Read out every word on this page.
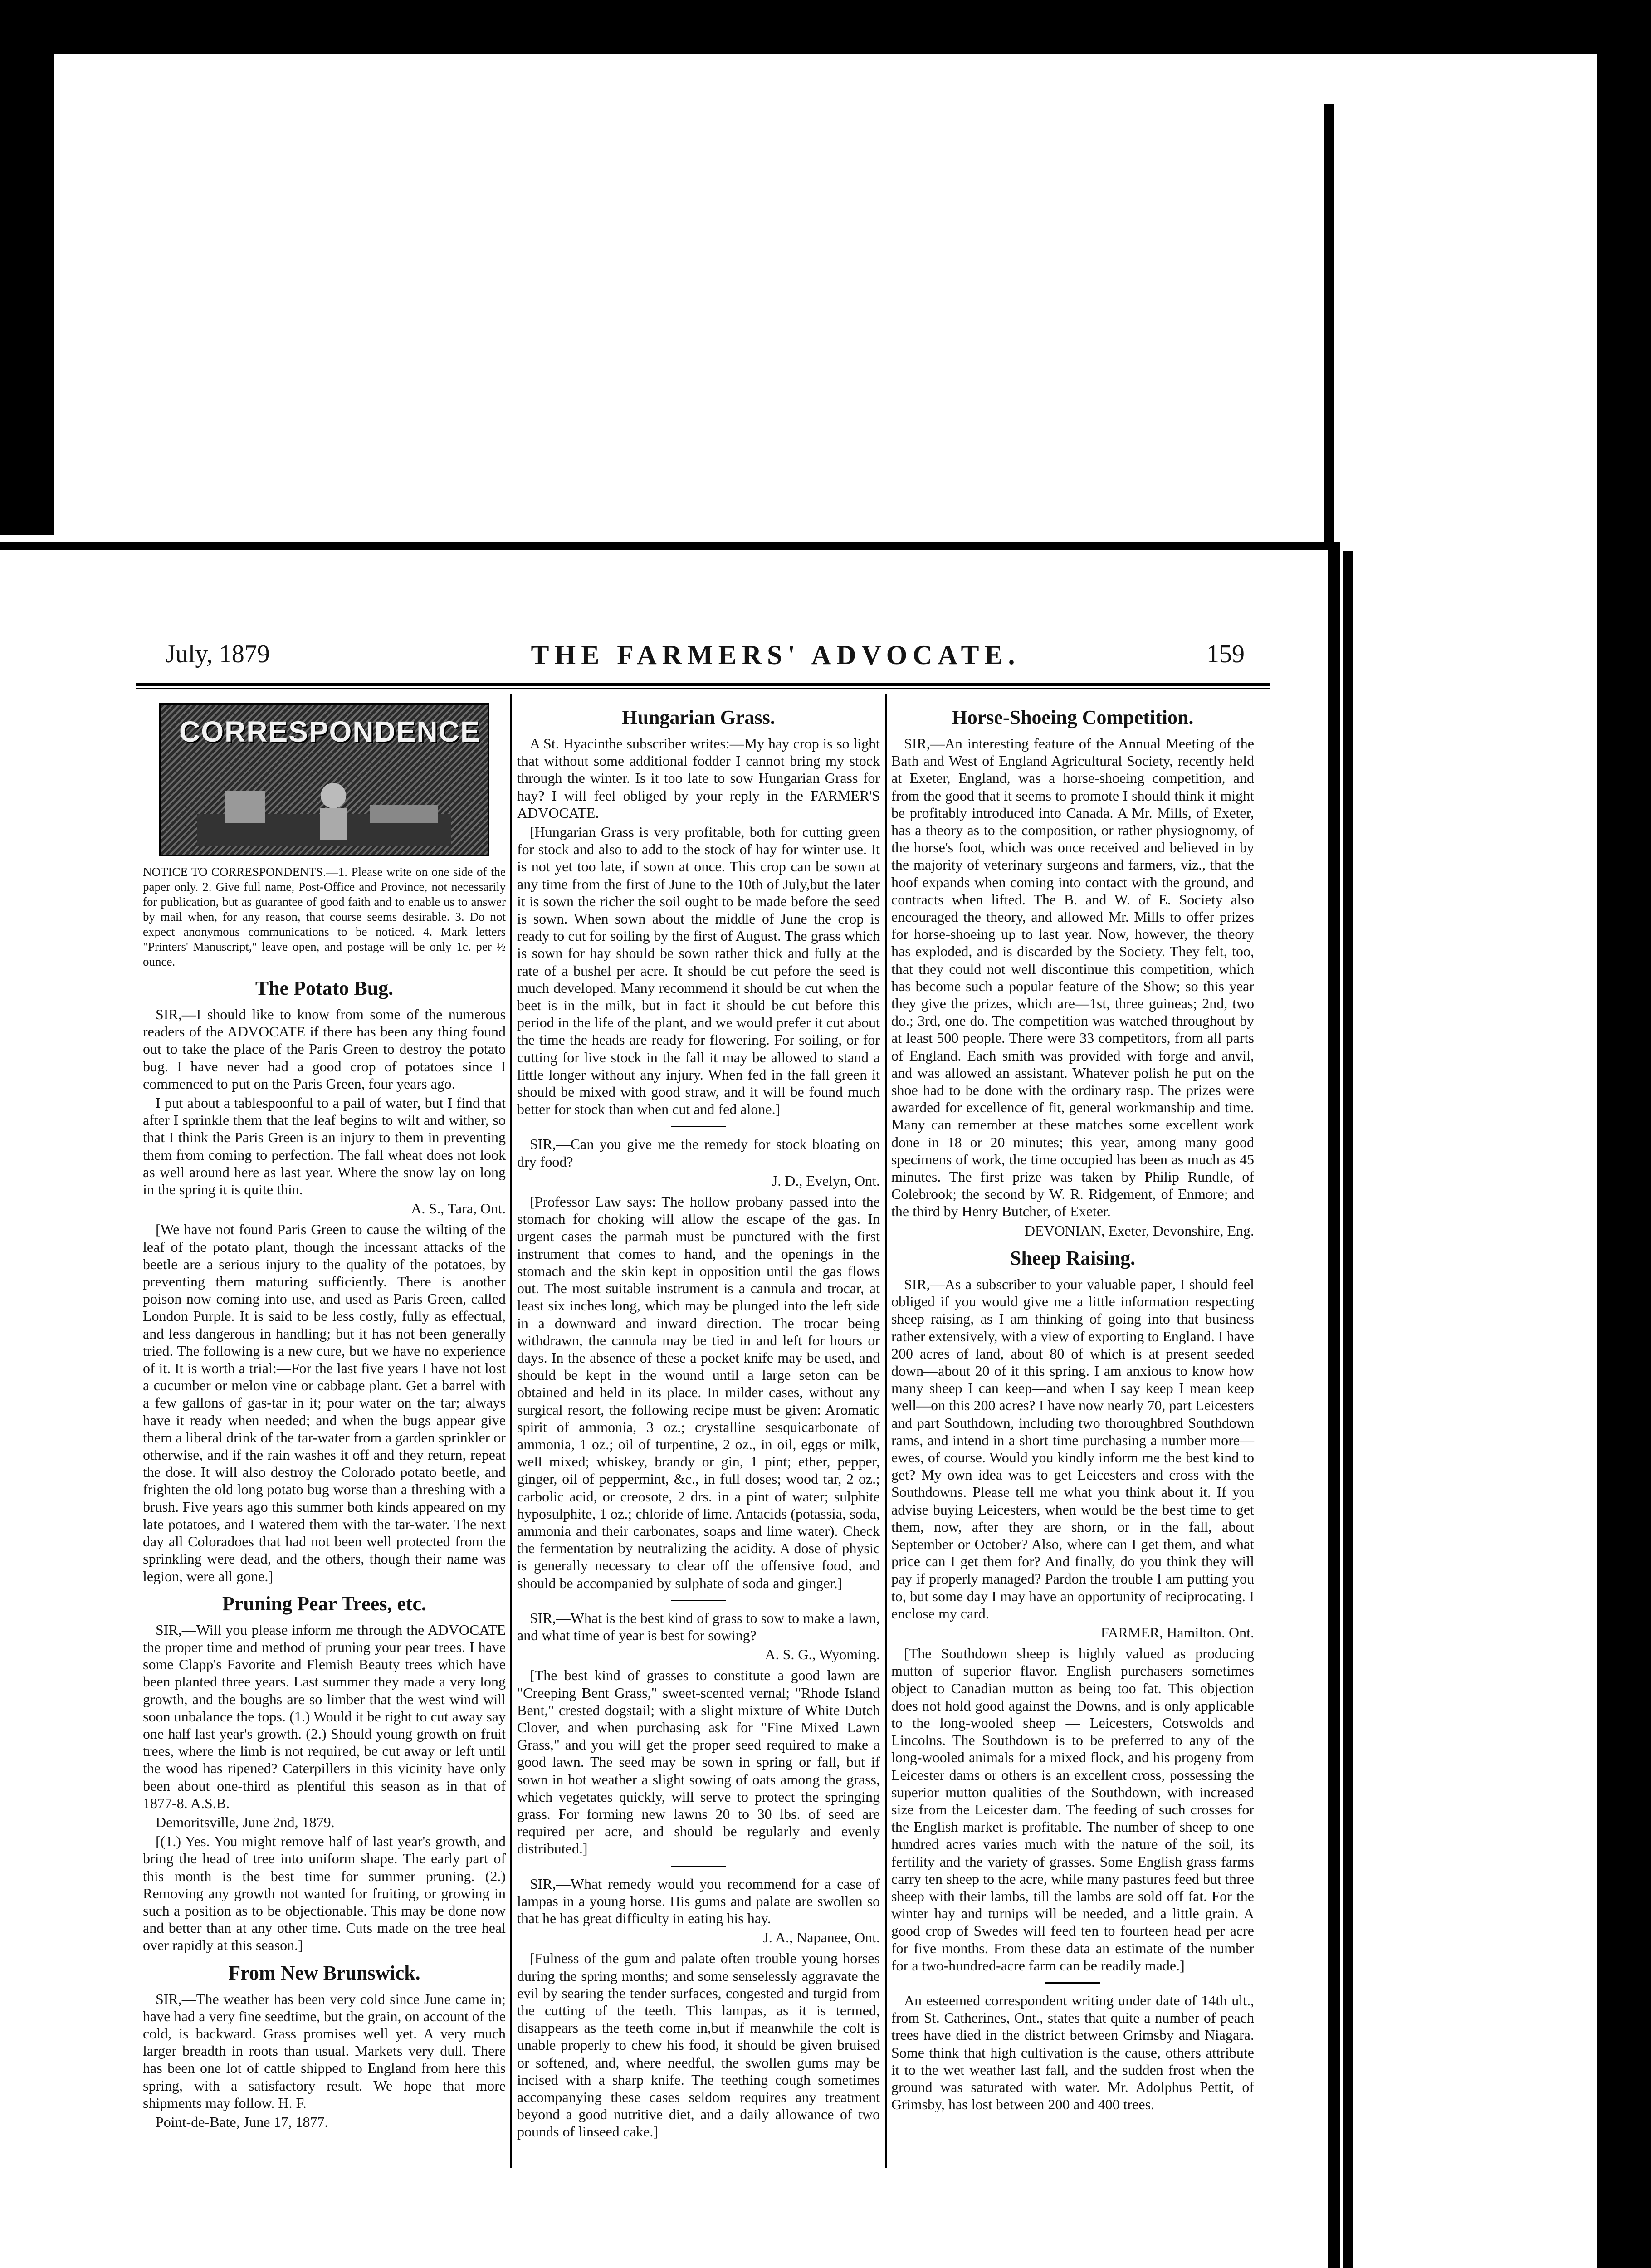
July, 1879	THE FARMERS' ADVOCATE.	159
CORRESPONDENCE

NOTICE TO CORRESPONDENTS.—1. Please write on one side of the paper only. 2. Give full name, Post-Office and Province, not necessarily for publication, but as guarantee of good faith and to enable us to answer by mail when, for any reason, that course seems desirable. 3. Do not expect anonymous communications to be noticed. 4. Mark letters "Printers' Manuscript," leave open, and postage will be only 1c. per ½ ounce.

The Potato Bug.

SIR,—I should like to know from some of the numerous readers of the ADVOCATE if there has been any thing found out to take the place of the Paris Green to destroy the potato bug. I have never had a good crop of potatoes since I commenced to put on the Paris Green, four years ago.

I put about a tablespoonful to a pail of water, but I find that after I sprinkle them that the leaf begins to wilt and wither, so that I think the Paris Green is an injury to them in preventing them from coming to perfection. The fall wheat does not look as well around here as last year. Where the snow lay on long in the spring it is quite thin.

A. S., Tara, Ont.

[We have not found Paris Green to cause the wilting of the leaf of the potato plant, though the incessant attacks of the beetle are a serious injury to the quality of the potatoes, by preventing them maturing sufficiently. There is another poison now coming into use, and used as Paris Green, called London Purple. It is said to be less costly, fully as effectual, and less dangerous in handling; but it has not been generally tried. The following is a new cure, but we have no experience of it. It is worth a trial:—For the last five years I have not lost a cucumber or melon vine or cabbage plant. Get a barrel with a few gallons of gas-tar in it; pour water on the tar; always have it ready when needed; and when the bugs appear give them a liberal drink of the tar-water from a garden sprinkler or otherwise, and if the rain washes it off and they return, repeat the dose. It will also destroy the Colorado potato beetle, and frighten the old long potato bug worse than a threshing with a brush. Five years ago this summer both kinds appeared on my late potatoes, and I watered them with the tar-water. The next day all Coloradoes that had not been well protected from the sprinkling were dead, and the others, though their name was legion, were all gone.]

Pruning Pear Trees, etc.

SIR,—Will you please inform me through the ADVOCATE the proper time and method of pruning your pear trees. I have some Clapp's Favorite and Flemish Beauty trees which have been planted three years. Last summer they made a very long growth, and the boughs are so limber that the west wind will soon unbalance the tops. (1.) Would it be right to cut away say one half last year's growth. (2.) Should young growth on fruit trees, where the limb is not required, be cut away or left until the wood has ripened? Caterpillers in this vicinity have only been about one-third as plentiful this season as in that of 1877-8. A.S.B.

Demoritsville, June 2nd, 1879.

[(1.) Yes. You might remove half of last year's growth, and bring the head of tree into uniform shape. The early part of this month is the best time for summer pruning. (2.) Removing any growth not wanted for fruiting, or growing in such a position as to be objectionable. This may be done now and better than at any other time. Cuts made on the tree heal over rapidly at this season.]

From New Brunswick.

SIR,—The weather has been very cold since June came in; have had a very fine seedtime, but the grain, on account of the cold, is backward. Grass promises well yet. A very much larger breadth in roots than usual. Markets very dull. There has been one lot of cattle shipped to England from here this spring, with a satisfactory result. We hope that more shipments may follow. H. F.

Point-de-Bate, June 17, 1877.

Hungarian Grass.

A St. Hyacinthe subscriber writes:—My hay crop is so light that without some additional fodder I cannot bring my stock through the winter. Is it too late to sow Hungarian Grass for hay? I will feel obliged by your reply in the FARMER'S ADVOCATE.

[Hungarian Grass is very profitable, both for cutting green for stock and also to add to the stock of hay for winter use. It is not yet too late, if sown at once. This crop can be sown at any time from the first of June to the 10th of July,but the later it is sown the richer the soil ought to be made before the seed is sown. When sown about the middle of June the crop is ready to cut for soiling by the first of August. The grass which is sown for hay should be sown rather thick and fully at the rate of a bushel per acre. It should be cut pefore the seed is much developed. Many recommend it should be cut when the beet is in the milk, but in fact it should be cut before this period in the life of the plant, and we would prefer it cut about the time the heads are ready for flowering. For soiling, or for cutting for live stock in the fall it may be allowed to stand a little longer without any injury. When fed in the fall green it should be mixed with good straw, and it will be found much better for stock than when cut and fed alone.]

SIR,—Can you give me the remedy for stock bloating on dry food?

J. D., Evelyn, Ont.

[Professor Law says: The hollow probany passed into the stomach for choking will allow the escape of the gas. In urgent cases the parmah must be punctured with the first instrument that comes to hand, and the openings in the stomach and the skin kept in opposition until the gas flows out. The most suitable instrument is a cannula and trocar, at least six inches long, which may be plunged into the left side in a downward and inward direction. The trocar being withdrawn, the cannula may be tied in and left for hours or days. In the absence of these a pocket knife may be used, and should be kept in the wound until a large seton can be obtained and held in its place. In milder cases, without any surgical resort, the following recipe must be given: Aromatic spirit of ammonia, 3 oz.; crystalline sesquicarbonate of ammonia, 1 oz.; oil of turpentine, 2 oz., in oil, eggs or milk, well mixed; whiskey, brandy or gin, 1 pint; ether, pepper, ginger, oil of peppermint, &c., in full doses; wood tar, 2 oz.; carbolic acid, or creosote, 2 drs. in a pint of water; sulphite hyposulphite, 1 oz.; chloride of lime. Antacids (potassia, soda, ammonia and their carbonates, soaps and lime water). Check the fermentation by neutralizing the acidity. A dose of physic is generally necessary to clear off the offensive food, and should be accompanied by sulphate of soda and ginger.]

SIR,—What is the best kind of grass to sow to make a lawn, and what time of year is best for sowing?

A. S. G., Wyoming.

[The best kind of grasses to constitute a good lawn are "Creeping Bent Grass," sweet-scented vernal; "Rhode Island Bent," crested dogstail; with a slight mixture of White Dutch Clover, and when purchasing ask for "Fine Mixed Lawn Grass," and you will get the proper seed required to make a good lawn. The seed may be sown in spring or fall, but if sown in hot weather a slight sowing of oats among the grass, which vegetates quickly, will serve to protect the springing grass. For forming new lawns 20 to 30 lbs. of seed are required per acre, and should be regularly and evenly distributed.]

SIR,—What remedy would you recommend for a case of lampas in a young horse. His gums and palate are swollen so that he has great difficulty in eating his hay.

J. A., Napanee, Ont.

[Fulness of the gum and palate often trouble young horses during the spring months; and some senselessly aggravate the evil by searing the tender surfaces, congested and turgid from the cutting of the teeth. This lampas, as it is termed, disappears as the teeth come in,but if meanwhile the colt is unable properly to chew his food, it should be given bruised or softened, and, where needful, the swollen gums may be incised with a sharp knife. The teething cough sometimes accompanying these cases seldom requires any treatment beyond a good nutritive diet, and a daily allowance of two pounds of linseed cake.]

Horse-Shoeing Competition.

SIR,—An interesting feature of the Annual Meeting of the Bath and West of England Agricultural Society, recently held at Exeter, England, was a horse-shoeing competition, and from the good that it seems to promote I should think it might be profitably introduced into Canada. A Mr. Mills, of Exeter, has a theory as to the composition, or rather physiognomy, of the horse's foot, which was once received and believed in by the majority of veterinary surgeons and farmers, viz., that the hoof expands when coming into contact with the ground, and contracts when lifted. The B. and W. of E. Society also encouraged the theory, and allowed Mr. Mills to offer prizes for horse-shoeing up to last year. Now, however, the theory has exploded, and is discarded by the Society. They felt, too, that they could not well discontinue this competition, which has become such a popular feature of the Show; so this year they give the prizes, which are—1st, three guineas; 2nd, two do.; 3rd, one do. The competition was watched throughout by at least 500 people. There were 33 competitors, from all parts of England. Each smith was provided with forge and anvil, and was allowed an assistant. Whatever polish he put on the shoe had to be done with the ordinary rasp. The prizes were awarded for excellence of fit, general workmanship and time. Many can remember at these matches some excellent work done in 18 or 20 minutes; this year, among many good specimens of work, the time occupied has been as much as 45 minutes. The first prize was taken by Philip Rundle, of Colebrook; the second by W. R. Ridgement, of Enmore; and the third by Henry Butcher, of Exeter.

DEVONIAN, Exeter, Devonshire, Eng.
Sheep Raising.

SIR,—As a subscriber to your valuable paper, I should feel obliged if you would give me a little information respecting sheep raising, as I am thinking of going into that business rather extensively, with a view of exporting to England. I have 200 acres of land, about 80 of which is at present seeded down—about 20 of it this spring. I am anxious to know how many sheep I can keep—and when I say keep I mean keep well—on this 200 acres? I have now nearly 70, part Leicesters and part Southdown, including two thoroughbred Southdown rams, and intend in a short time purchasing a number more—ewes, of course. Would you kindly inform me the best kind to get? My own idea was to get Leicesters and cross with the Southdowns. Please tell me what you think about it. If you advise buying Leicesters, when would be the best time to get them, now, after they are shorn, or in the fall, about September or October? Also, where can I get them, and what price can I get them for? And finally, do you think they will pay if properly managed? Pardon the trouble I am putting you to, but some day I may have an opportunity of reciprocating. I enclose my card.

FARMER, Hamilton. Ont.

[The Southdown sheep is highly valued as producing mutton of superior flavor. English purchasers sometimes object to Canadian mutton as being too fat. This objection does not hold good against the Downs, and is only applicable to the long-wooled sheep — Leicesters, Cotswolds and Lincolns. The Southdown is to be preferred to any of the long-wooled animals for a mixed flock, and his progeny from Leicester dams or others is an excellent cross, possessing the superior mutton qualities of the Southdown, with increased size from the Leicester dam. The feeding of such crosses for the English market is profitable. The number of sheep to one hundred acres varies much with the nature of the soil, its fertility and the variety of grasses. Some English grass farms carry ten sheep to the acre, while many pastures feed but three sheep with their lambs, till the lambs are sold off fat. For the winter hay and turnips will be needed, and a little grain. A good crop of Swedes will feed ten to fourteen head per acre for five months. From these data an estimate of the number for a two-hundred-acre farm can be readily made.]

An esteemed correspondent writing under date of 14th ult., from St. Catherines, Ont., states that quite a number of peach trees have died in the district between Grimsby and Niagara. Some think that high cultivation is the cause, others attribute it to the wet weather last fall, and the sudden frost when the ground was saturated with water. Mr. Adolphus Pettit, of Grimsby, has lost between 200 and 400 trees.
